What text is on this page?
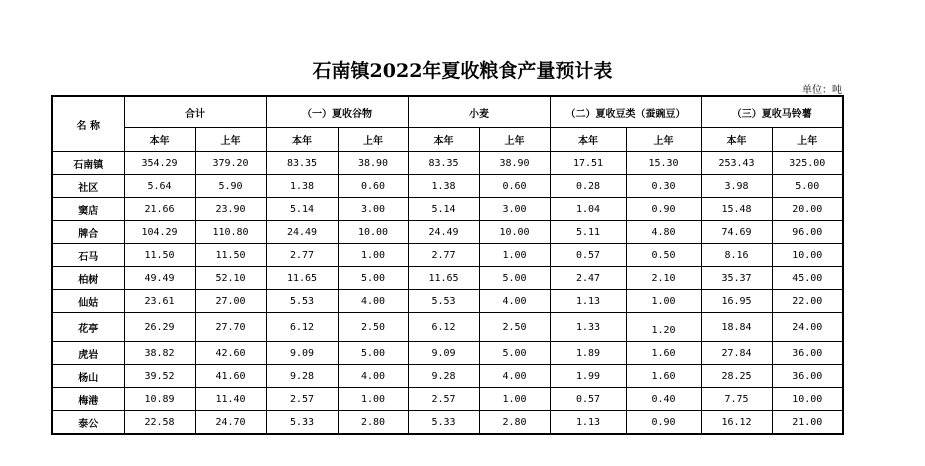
石南镇2022年夏收粮食产量预计表
单位：吨
名 称	合计		（一）夏收谷物		小麦		（二）夏收豆类（蚕豌豆）		（三）夏收马铃薯	
	本年	上年	本年	上年	本年	上年	本年	上年	本年	上年
石南镇	354.29	379.20	83.35	38.90	83.35	38.90	17.51	15.30	253.43	325.00
社区	5.64	5.90	1.38	0.60	1.38	0.60	0.28	0.30	3.98	5.00
窦店	21.66	23.90	5.14	3.00	5.14	3.00	1.04	0.90	15.48	20.00
牌合	104.29	110.80	24.49	10.00	24.49	10.00	5.11	4.80	74.69	96.00
石马	11.50	11.50	2.77	1.00	2.77	1.00	0.57	0.50	8.16	10.00
柏树	49.49	52.10	11.65	5.00	11.65	5.00	2.47	2.10	35.37	45.00
仙姑	23.61	27.00	5.53	4.00	5.53	4.00	1.13	1.00	16.95	22.00
花亭	26.29	27.70	6.12	2.50	6.12	2.50	1.33	1.20	18.84	24.00
虎岩	38.82	42.60	9.09	5.00	9.09	5.00	1.89	1.60	27.84	36.00
杨山	39.52	41.60	9.28	4.00	9.28	4.00	1.99	1.60	28.25	36.00
梅港	10.89	11.40	2.57	1.00	2.57	1.00	0.57	0.40	7.75	10.00
泰公	22.58	24.70	5.33	2.80	5.33	2.80	1.13	0.90	16.12	21.00
